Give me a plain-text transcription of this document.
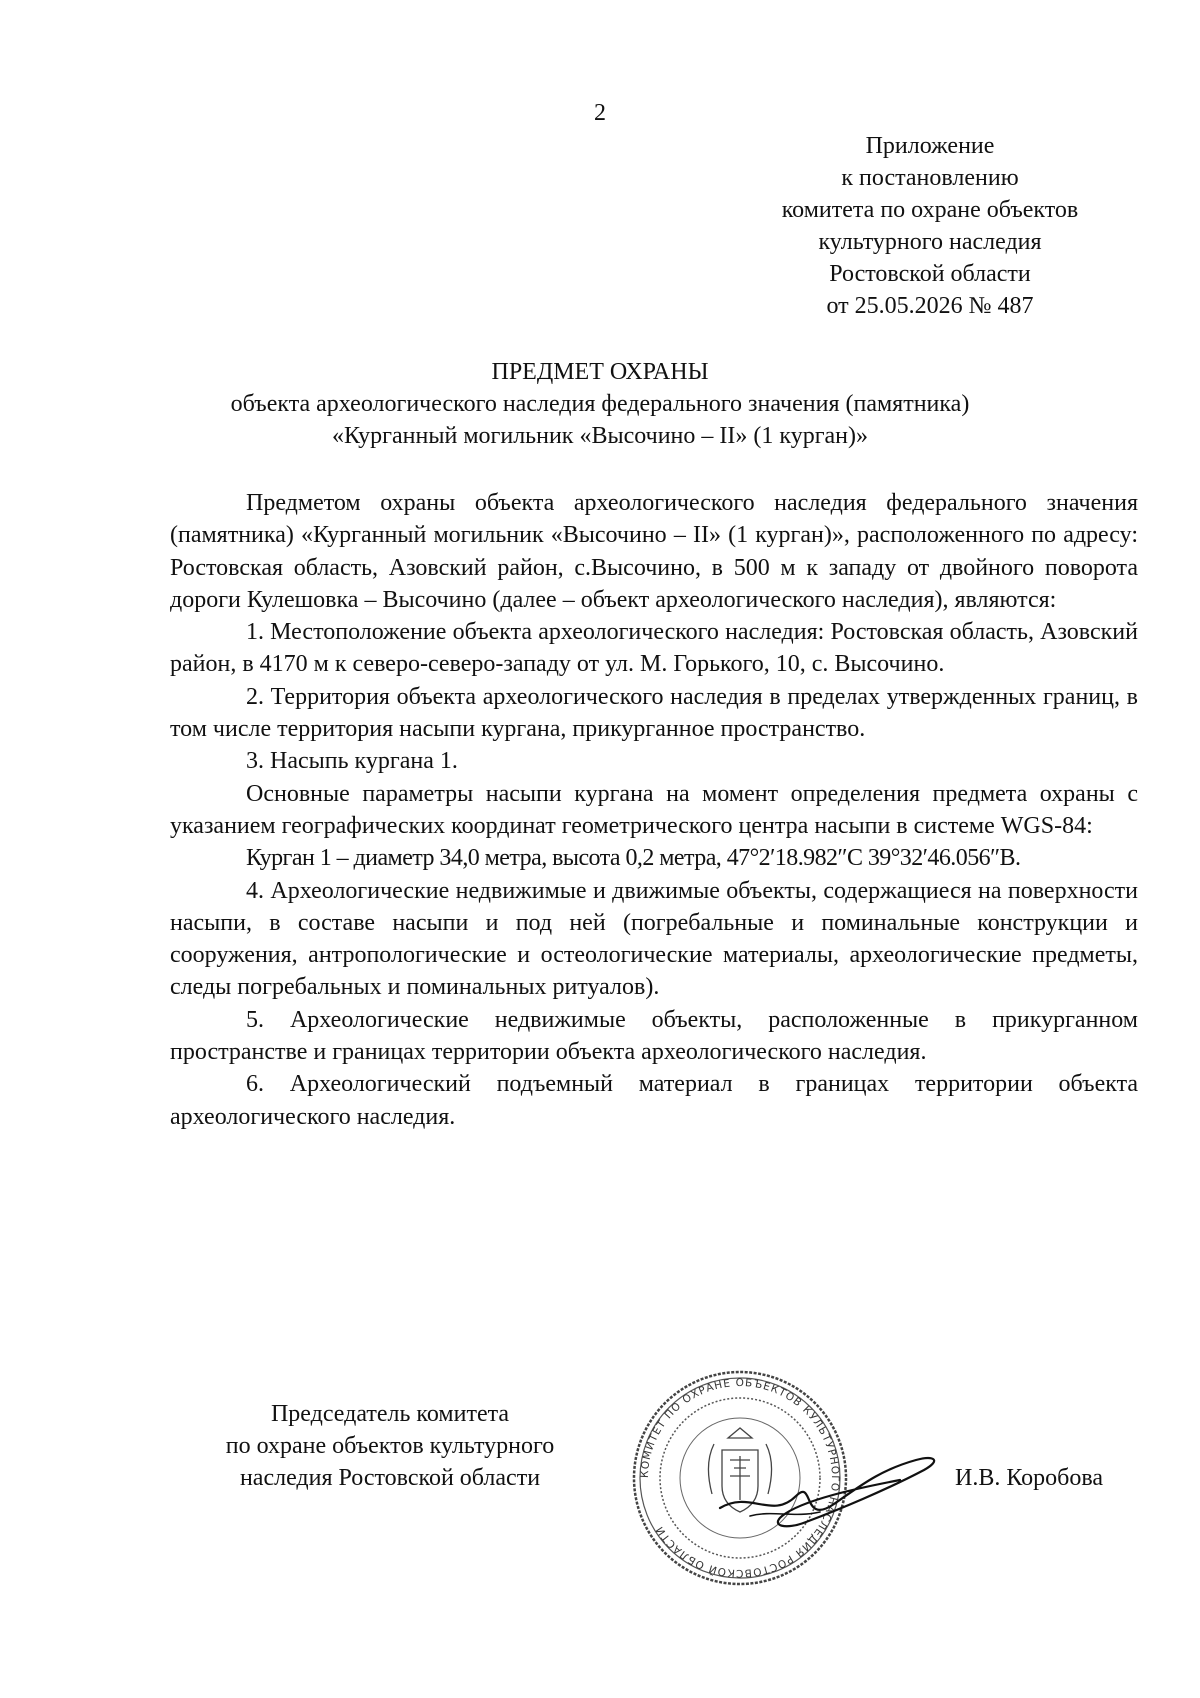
2
Приложение
к постановлению
комитета по охране объектов
культурного наследия
Ростовской области
от 25.05.2026 № 487
ПРЕДМЕТ ОХРАНЫ
объекта археологического наследия федерального значения (памятника)
«Курганный могильник «Высочино – II» (1 курган)»

Предметом охраны объекта археологического наследия федерального значения (памятника) «Курганный могильник «Высочино – II» (1 курган)», расположенного по адресу: Ростовская область, Азовский район, с.Высочино, в 500 м к западу от двойного поворота дороги Кулешовка – Высочино (далее – объект археологического наследия), являются:

1. Местоположение объекта археологического наследия: Ростовская область, Азовский район, в 4170 м к северо-северо-западу от ул. М. Горького, 10, с. Высочино.

2. Территория объекта археологического наследия в пределах утвержденных границ, в том числе территория насыпи кургана, прикурганное пространство.

3. Насыпь кургана 1.

Основные параметры насыпи кургана на момент определения предмета охраны с указанием географических координат геометрического центра насыпи в системе WGS-84:

Курган 1 – диаметр 34,0 метра, высота 0,2 метра, 47°2′18.982″С 39°32′46.056″В.

4. Археологические недвижимые и движимые объекты, содержащиеся на поверхности насыпи, в составе насыпи и под ней (погребальные и поминальные конструкции и сооружения, антропологические и остеологические материалы, археологические предметы, следы погребальных и поминальных ритуалов).

5. Археологические недвижимые объекты, расположенные в прикурганном пространстве и границах территории объекта археологического наследия.

6. Археологический подъемный материал в границах территории объекта археологического наследия.

Председатель комитета
по охране объектов культурного
наследия Ростовской области	КОМИТЕТ ПО ОХРАНЕ ОБЪЕКТОВ КУЛЬТУРНОГО НАСЛЕДИЯ РОСТОВСКОЙ ОБЛАСТИ
И.В. Коробова
